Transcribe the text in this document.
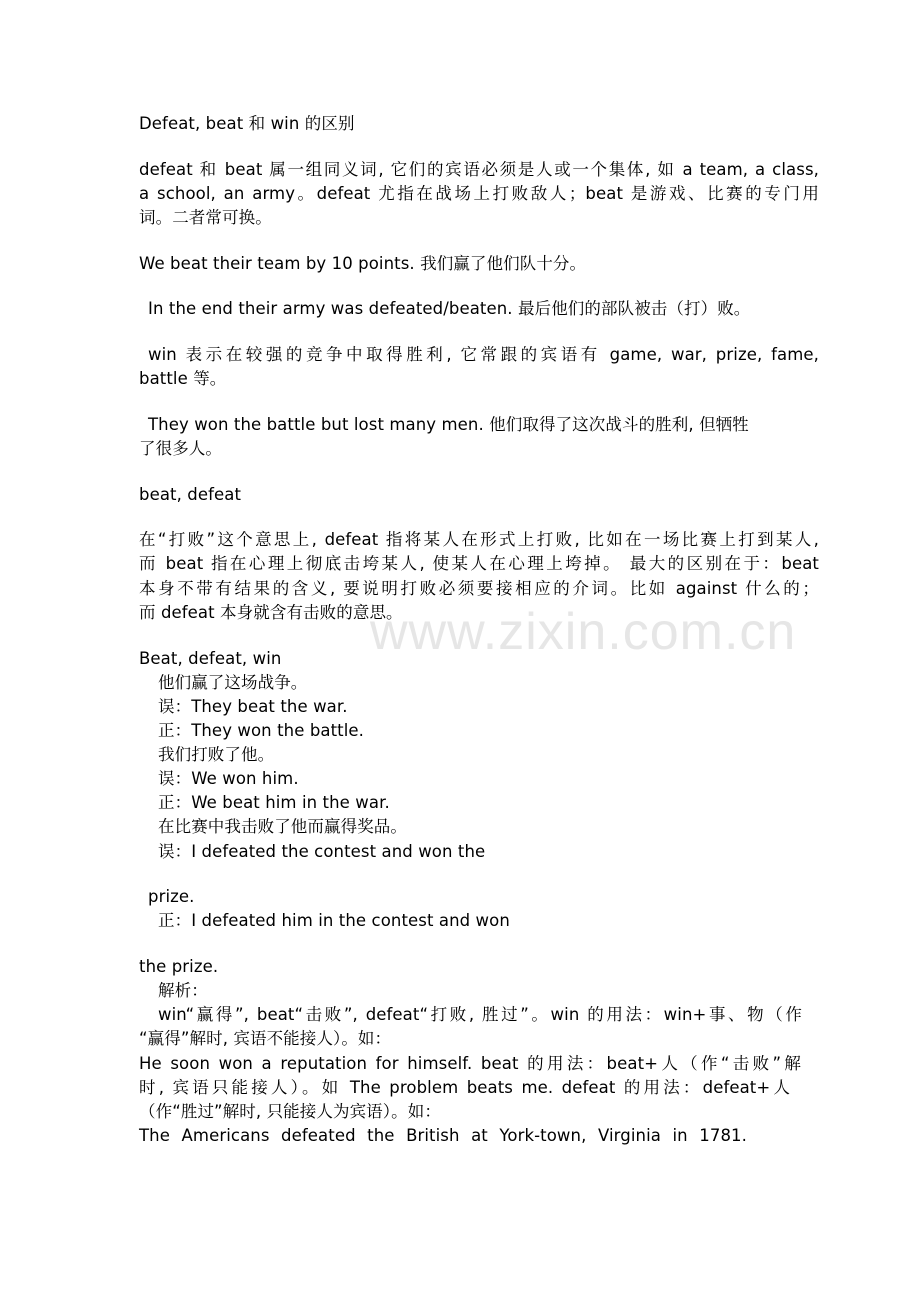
Defeat, beat 和 win 的区别
defeat 和 beat 属一组同义词, 它们的宾语必须是人或一个集体, 如 a team, a class,
a school, an army。defeat 尤指在战场上打败敌人；beat 是游戏、比赛的专门用
词。二者常可换。
We beat their team by 10 points. 我们赢了他们队十分。
In the end their army was defeated/beaten. 最后他们的部队被击（打）败。
win 表示在较强的竞争中取得胜利, 它常跟的宾语有 game, war, prize, fame,
battle 等。
They won the battle but lost many men. 他们取得了这次战斗的胜利, 但牺牲
了很多人。
beat, defeat
在“打败”这个意思上, defeat 指将某人在形式上打败, 比如在一场比赛上打到某人,
而 beat 指在心理上彻底击垮某人, 使某人在心理上垮掉。 最大的区别在于：beat
本身不带有结果的含义, 要说明打败必须要接相应的介词。比如 against 什么的；
而 defeat 本身就含有击败的意思。
www.zixin.com.cn
Beat, defeat, win
他们赢了这场战争。
误：They beat the war.
正：They won the battle.
我们打败了他。
误：We won him.
正：We beat him in the war.
在比赛中我击败了他而赢得奖品。
误：I defeated the contest and won the
prize.
正：I defeated him in the contest and won
the prize.
解析：
win“赢得”, beat“击败”, defeat“打败, 胜过”。win 的用法：win+事、物（作
“赢得”解时, 宾语不能接人）。如：
He soon won a reputation for himself. beat 的用法：beat+人（作“击败”解
时, 宾语只能接人）。如 The problem beats me. defeat 的用法：defeat+人
（作“胜过”解时, 只能接人为宾语）。如：
The Americans defeated the British at York-town, Virginia in 1781.
